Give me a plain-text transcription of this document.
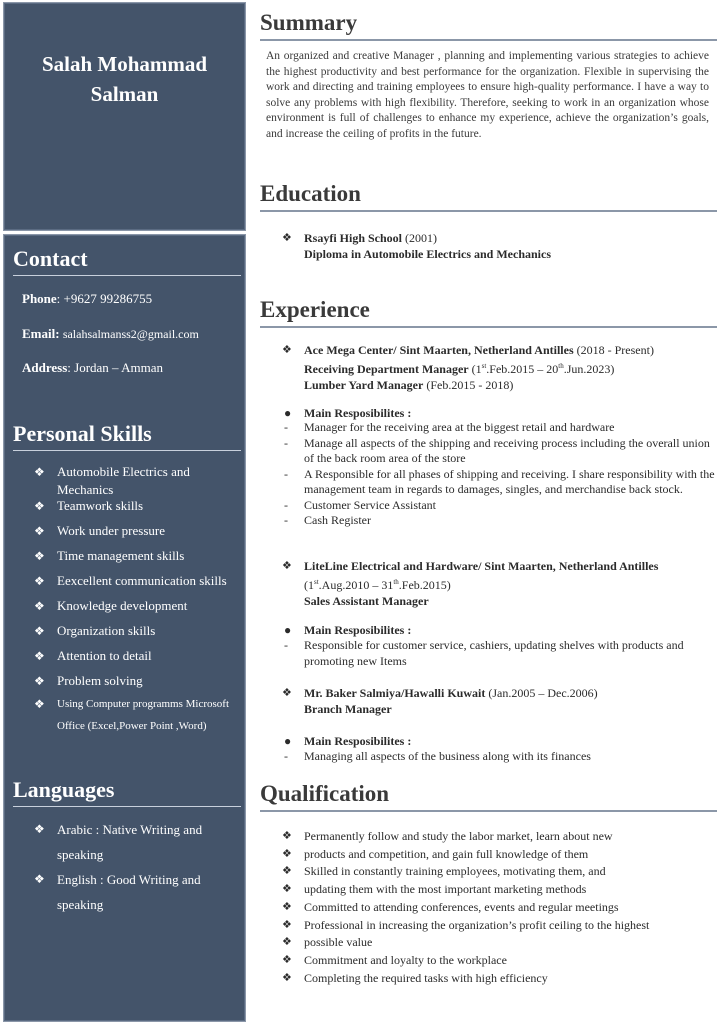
Salah Mohammad
Salman
Contact
Phone: +9627 99286755
Email: salahsalmanss2@gmail.com
Address: Jordan – Amman
Personal Skills
❖ Automobile Electrics and Mechanics
❖ Teamwork skills
❖ Work under pressure
❖ Time management skills
❖ Eexcellent communication skills
❖ Knowledge development
❖ Organization skills
❖ Attention to detail
❖ Problem solving
❖ Using Computer programms Microsoft Office (Excel,Power Point ,Word)
Languages
❖ Arabic : Native Writing and speaking
❖ English : Good Writing and speaking
Summary
An organized and creative Manager , planning and implementing various strategies to achieve the highest productivity and best performance for the organization. Flexible in supervising the work and directing and training employees to ensure high-quality performance. I have a way to solve any problems with high flexibility. Therefore, seeking to work in an organization whose environment is full of challenges to enhance my experience, achieve the organization’s goals, and increase the ceiling of profits in the future.
Education
❖ Rsayfi High School (2001)
Diploma in Automobile Electrics and Mechanics
Experience
❖ Ace Mega Center/ Sint Maarten, Netherland Antilles (2018 - Present)
Receiving Department Manager (1st.Feb.2015 – 20th.Jun.2023)
Lumber Yard Manager (Feb.2015 - 2018)
●	Main Resposibilites :
- Manager for the receiving area at the biggest retail and hardware
- Manage all aspects of the shipping and receiving process including the overall union of the back room area of the store
- A Responsible for all phases of shipping and receiving. I share responsibility with the management team in regards to damages, singles, and merchandise back stock.
- Customer Service Assistant
- Cash Register
❖ LiteLine Electrical and Hardware/ Sint Maarten, Netherland Antilles
(1st.Aug.2010 – 31th.Feb.2015)
Sales Assistant Manager
●	Main Resposibilites :
- Responsible for customer service, cashiers, updating shelves with products and promoting new Items
❖ Mr. Baker Salmiya/Hawalli Kuwait (Jan.2005 – Dec.2006)
Branch Manager
●	Main Resposibilites :
- Managing all aspects of the business along with its finances
Qualification
❖ Permanently follow and study the labor market, learn about new
❖ products and competition, and gain full knowledge of them
❖ Skilled in constantly training employees, motivating them, and
❖ updating them with the most important marketing methods
❖ Committed to attending conferences, events and regular meetings
❖ Professional in increasing the organization’s profit ceiling to the highest
❖ possible value
❖ Commitment and loyalty to the workplace
❖ Completing the required tasks with high efficiency
